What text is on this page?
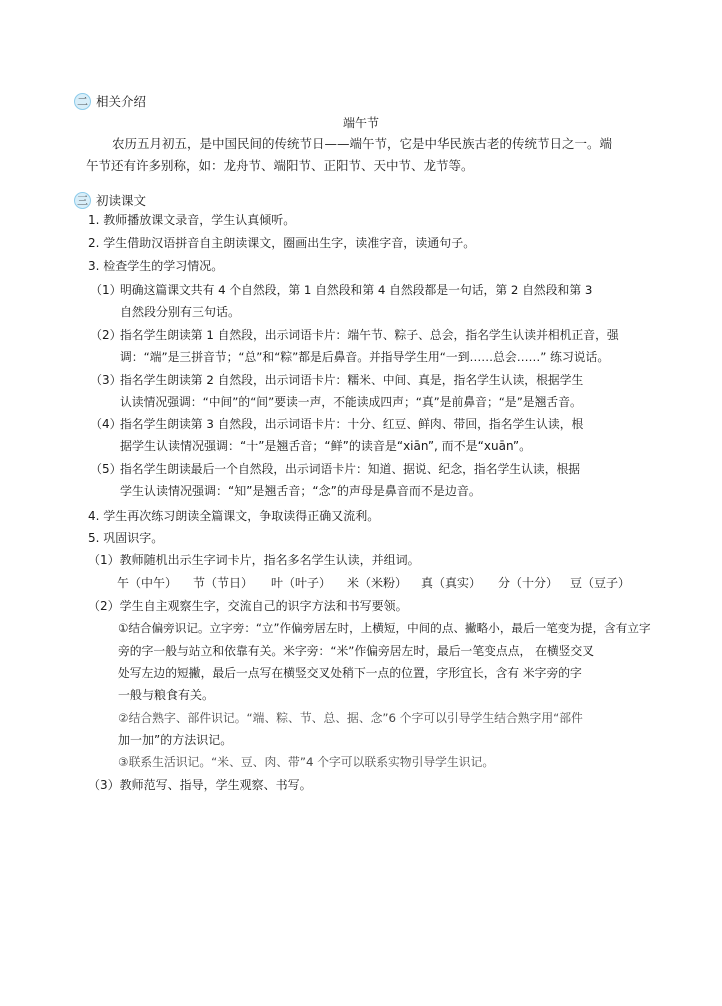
二 相关介绍
端午节
农历五月初五，是中国民间的传统节日——端午节，它是中华民族古老的传统节日之一。端
午节还有许多别称，如：龙舟节、端阳节、正阳节、天中节、龙节等。
三 初读课文
1. 教师播放课文录音，学生认真倾听。
2. 学生借助汉语拼音自主朗读课文，圈画出生字，读准字音，读通句子。
3. 检查学生的学习情况。
（1）
明确这篇课文共有 4 个自然段，第 1 自然段和第 4 自然段都是一句话，第 2 自然段和第 3
自然段分别有三句话。
（2）
指名学生朗读第 1 自然段，出示词语卡片：端午节、粽子、总会，指名学生认读并相机正音，强
调：“端”是三拼音节；“总”和“粽”都是后鼻音。并指导学生用“一到……总会……” 练习说话。
（3）
指名学生朗读第 2 自然段，出示词语卡片：糯米、中间、真是，指名学生认读，根据学生
认读情况强调：“中间”的“间”要读一声，不能读成四声；“真”是前鼻音；“是”是翘舌音。
（4）
指名学生朗读第 3 自然段，出示词语卡片：十分、红豆、鲜肉、带回，指名学生认读，根
据学生认读情况强调：“十”是翘舌音；“鲜”的读音是“xiān”, 而不是“xuān”。
（5）
指名学生朗读最后一个自然段，出示词语卡片：知道、据说、纪念，指名学生认读，根据
学生认读情况强调：“知”是翘舌音；“念”的声母是鼻音而不是边音。
4. 学生再次练习朗读全篇课文，争取读得正确又流利。
5. 巩固识字。
（1）教师随机出示生字词卡片，指名多名学生认读，并组词。
午（中午） 节（节日） 叶（叶子） 米（米粉） 真（真实） 分（十分） 豆（豆子）
（2）学生自主观察生字，交流自己的识字方法和书写要领。
①结合偏旁识记。立字旁：“立”作偏旁居左时，上横短，中间的点、撇略小，最后一笔变为提，含有立字
旁的字一般与站立和依靠有关。米字旁：“米”作偏旁居左时，最后一笔变点点， 在横竖交叉
处写左边的短撇，最后一点写在横竖交叉处稍下一点的位置，字形宜长，含有 米字旁的字
一般与粮食有关。
②结合熟字、部件识记。“端、粽、节、总、据、念”6 个字可以引导学生结合熟字用“部件
加一加”的方法识记。
③联系生活识记。“米、豆、肉、带”4 个字可以联系实物引导学生识记。
（3）教师范写、指导，学生观察、书写。
